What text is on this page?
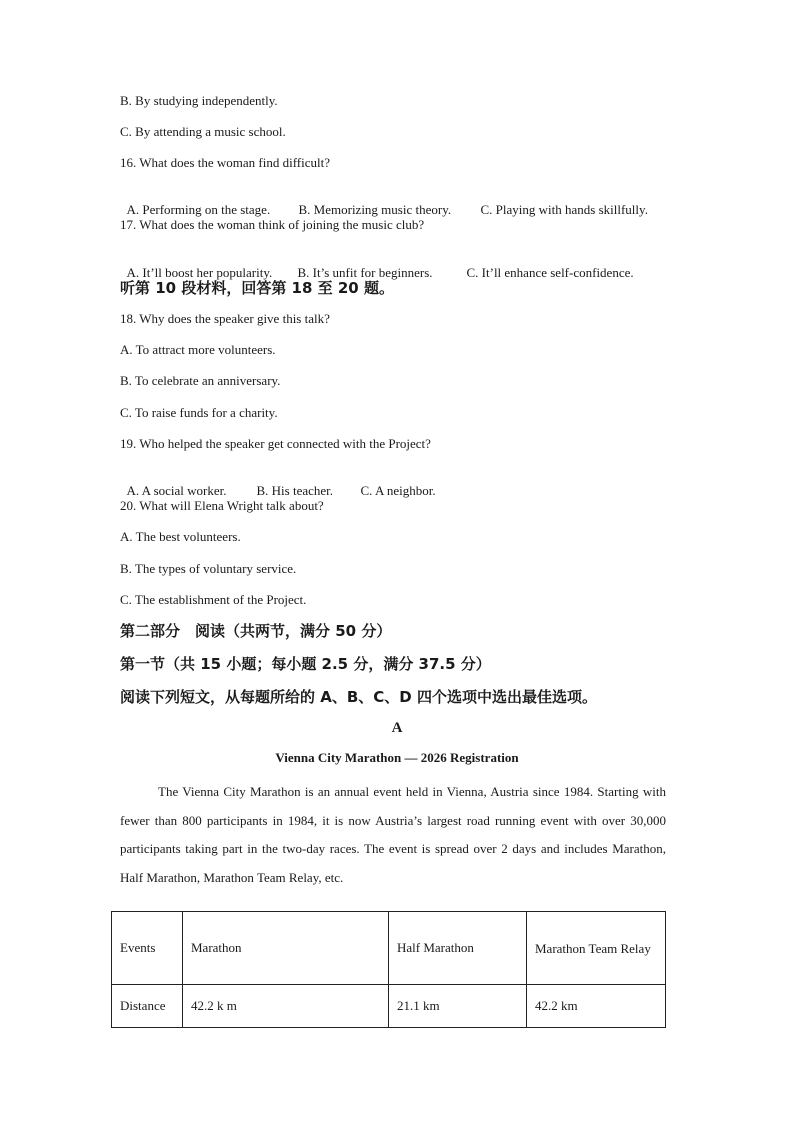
B. By studying independently.
C. By attending a music school.
16. What does the woman find difficult?

A. Performing on the stage. B. Memorizing music theory. C. Playing with hands skillfully.

17. What does the woman think of joining the music club?

A. It’ll boost her popularity. B. It’s unfit for beginners.	C. It’ll enhance self-confidence.

听第 10 段材料，回答第 18 至 20 题。
18. Why does the speaker give this talk?
A. To attract more volunteers.
B. To celebrate an anniversary.
C. To raise funds for a charity.
19. Who helped the speaker get connected with the Project?

A. A social worker. B. His teacher. C. A neighbor.

20. What will Elena Wright talk about?
A. The best volunteers.
B. The types of voluntary service.
C. The establishment of the Project.
第二部分　阅读（共两节，满分 50 分）
第一节（共 15 小题；每小题 2.5 分，满分 37.5 分）
阅读下列短文，从每题所给的 A、B、C、D 四个选项中选出最佳选项。
A
Vienna City Marathon — 2026 Registration
The Vienna City Marathon is an annual event held in Vienna, Austria since 1984. Starting with fewer than 800 participants in 1984, it is now Austria’s largest road running event with over 30,000 participants taking part in the two-day races. The event is spread over 2 days and includes Marathon, Half Marathon, Marathon Team Relay, etc.
Events	Marathon	Half Marathon	Marathon Team Relay
Distance	42.2 k m	21.1 km	42.2 km
